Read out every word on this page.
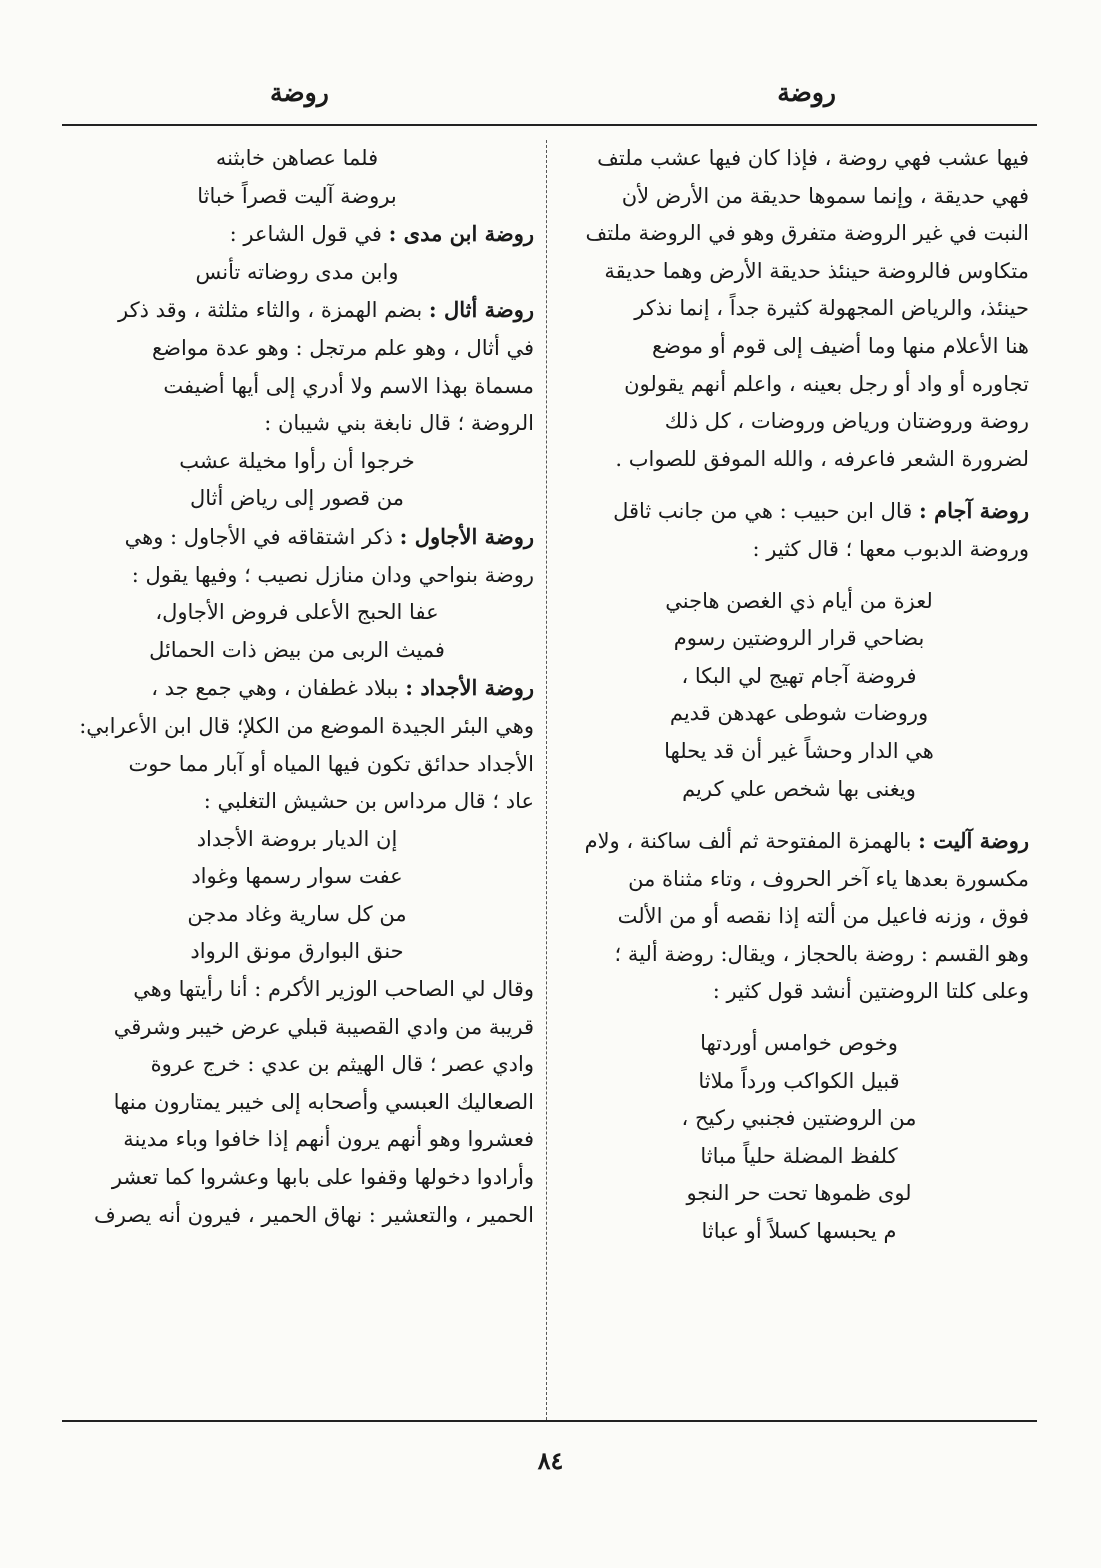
روضة
روضة

فيها عشب فهي روضة ، فإذا كان فيها عشب ملتف

فهي حديقة ، وإنما سموها حديقة من الأرض لأن

النبت في غير الروضة متفرق وهو في الروضة ملتف

متكاوس فالروضة حينئذ حديقة الأرض وهما حديقة

حينئذ، والرياض المجهولة كثيرة جداً ، إنما نذكر

هنا الأعلام منها وما أضيف إلى قوم أو موضع

تجاوره أو واد أو رجل بعينه ، واعلم أنهم يقولون

روضة وروضتان ورياض وروضات ، كل ذلك

لضرورة الشعر فاعرفه ، والله الموفق للصواب .

روضة آجام : قال ابن حبيب : هي من جانب ثاقل

وروضة الدبوب معها ؛ قال كثير :

لعزة من أيام ذي الغصن هاجني

بضاحي قرار الروضتين رسوم

فروضة آجام تهيج لي البكا ،

وروضات شوطى عهدهن قديم

هي الدار وحشاً غير أن قد يحلها

ويغنى بها شخص علي كريم

روضة آليت : بالهمزة المفتوحة ثم ألف ساكنة ، ولام

مكسورة بعدها ياء آخر الحروف ، وتاء مثناة من

فوق ، وزنه فاعيل من ألته إذا نقصه أو من الألت

وهو القسم : روضة بالحجاز ، ويقال: روضة ألية ؛

وعلى كلتا الروضتين أنشد قول كثير :

وخوص خوامس أوردتها

قبيل الكواكب ورداً ملاثا

من الروضتين فجنبي ركيح ،

كلفظ المضلة حلياً مباثا

لوى ظموها تحت حر النجو

م يحبسها كسلاً أو عباثا

فلما عصاهن خابثنه

بروضة آليت قصراً خباثا

روضة ابن مدى : في قول الشاعر :

وابن مدى روضاته تأنس

روضة أثال : بضم الهمزة ، والثاء مثلثة ، وقد ذكر

في أثال ، وهو علم مرتجل : وهو عدة مواضع

مسماة بهذا الاسم ولا أدري إلى أيها أضيفت

الروضة ؛ قال نابغة بني شيبان :

خرجوا أن رأوا مخيلة عشب

من قصور إلى رياض أثال

روضة الأجاول : ذكر اشتقاقه في الأجاول : وهي

روضة بنواحي ودان منازل نصيب ؛ وفيها يقول :

عفا الحبج الأعلى فروض الأجاول،

فميث الربى من بيض ذات الحمائل

روضة الأجداد : ببلاد غطفان ، وهي جمع جد ،

وهي البئر الجيدة الموضع من الكلإ؛ قال ابن الأعرابي:

الأجداد حدائق تكون فيها المياه أو آبار مما حوت

عاد ؛ قال مرداس بن حشيش التغلبي :

إن الديار بروضة الأجداد

عفت سوار رسمها وغواد

من كل سارية وغاد مدجن

حنق البوارق مونق الرواد

وقال لي الصاحب الوزير الأكرم : أنا رأيتها وهي

قريبة من وادي القصيبة قبلي عرض خيبر وشرقي

وادي عصر ؛ قال الهيثم بن عدي : خرج عروة

الصعاليك العبسي وأصحابه إلى خيبر يمتارون منها

فعشروا وهو أنهم يرون أنهم إذا خافوا وباء مدينة

وأرادوا دخولها وقفوا على بابها وعشروا كما تعشر

الحمير ، والتعشير : نهاق الحمير ، فيرون أنه يصرف

٨٤
